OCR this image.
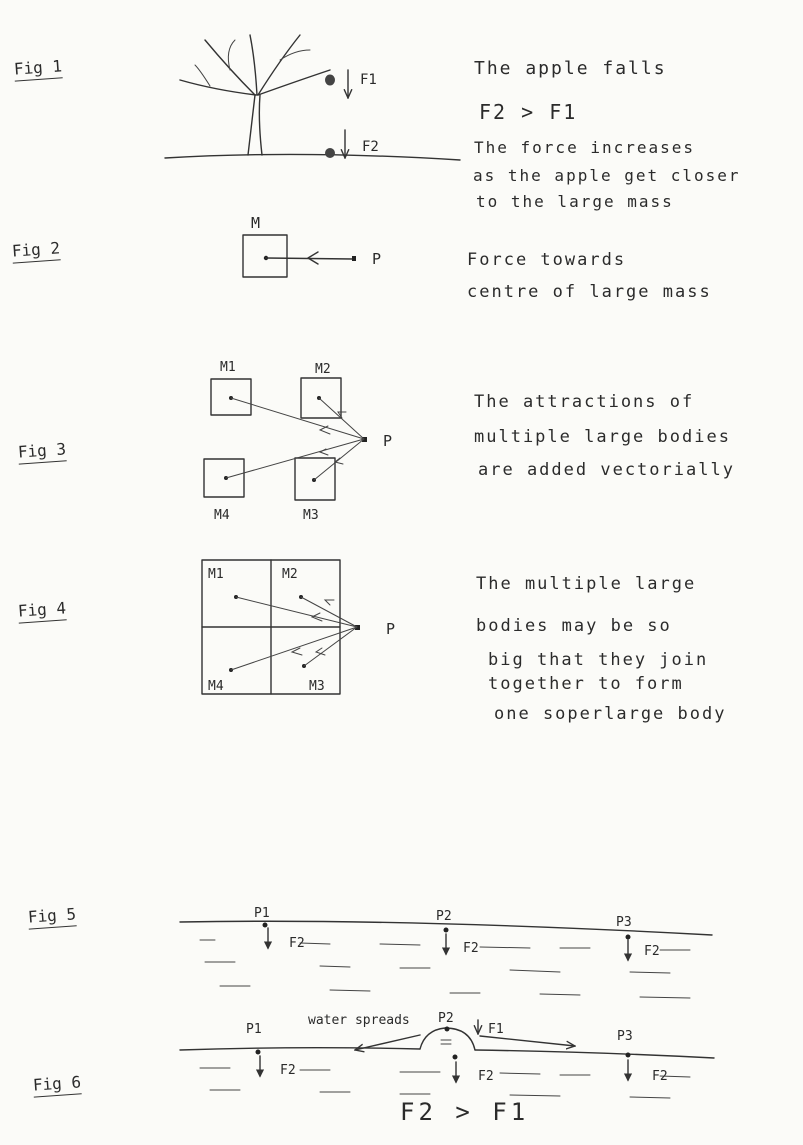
F1
F2
M
P
M1	M2
M4	M3
P
M1	M2
M4	M3
P
P1	P2	P3
F2	F2	F2
water spreads P2
F1
P1	P3
F2	F2	F2
Fig 1
Fig 2
Fig 3
Fig 4
Fig 5
Fig 6
The apple falls
F2 > F1
The force increases
as the apple get closer
to the large mass
Force towards
centre of large mass
The attractions of
multiple large bodies
are added vectorially
The multiple large
bodies may be so
big that they join
together to form
one soperlarge body
F2 > F1
